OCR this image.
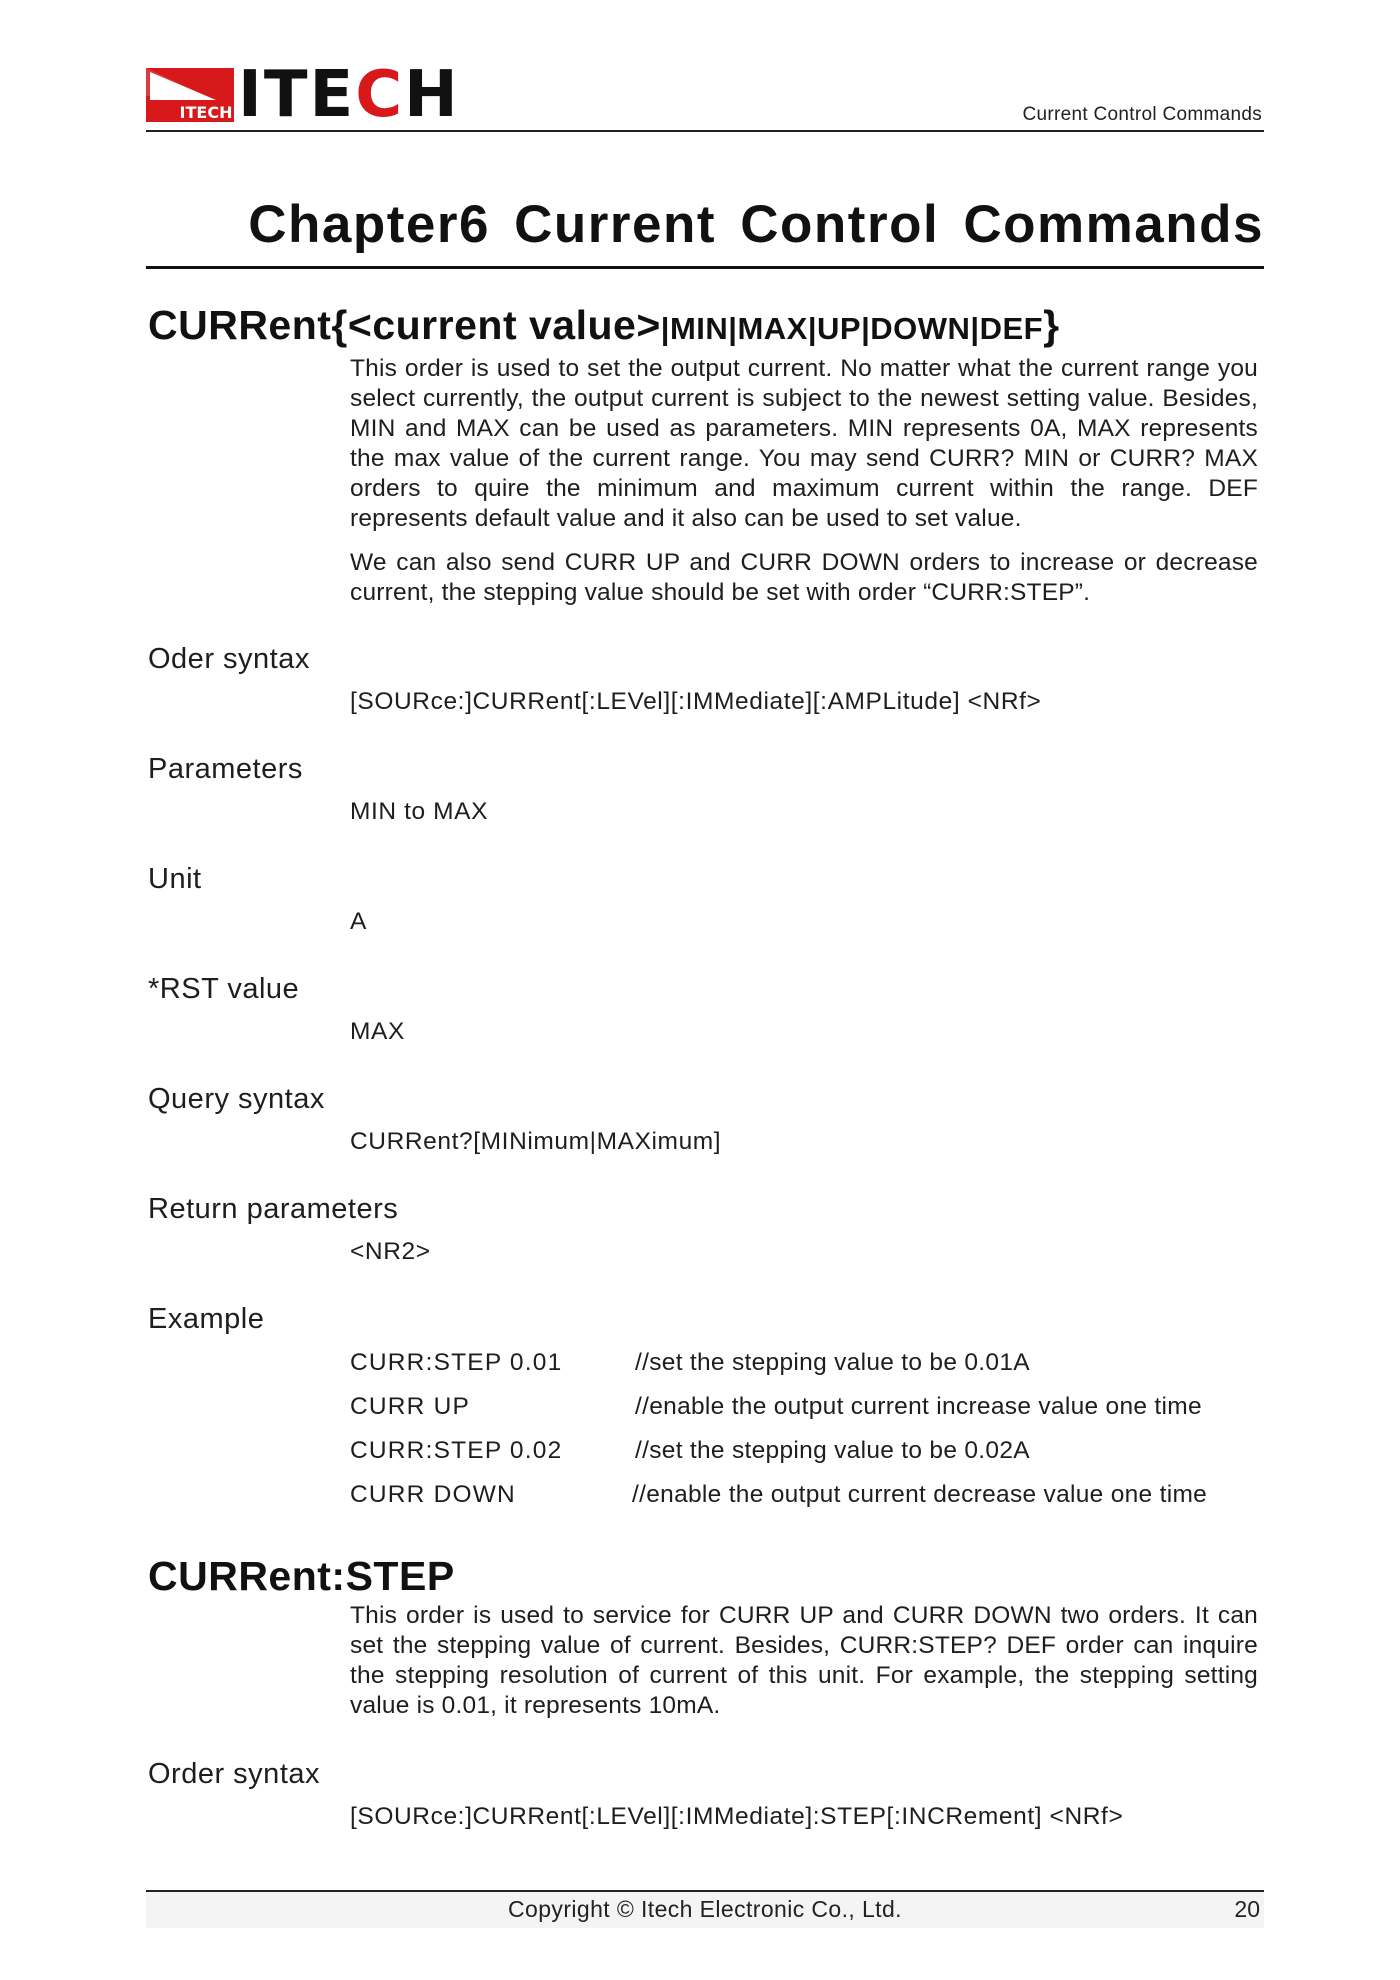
ITECH ITECH	Current Control Commands
Chapter6 Current Control Commands
CURRent{<current value>|MIN|MAX|UP|DOWN|DEF}
This order is used to set the output current. No matter what the current range you select currently, the output current is subject to the newest setting value. Besides, MIN and MAX can be used as parameters. MIN represents 0A, MAX represents the max value of the current range. You may send CURR? MIN or CURR? MAX orders to quire the minimum and maximum current within the range. DEF represents default value and it also can be used to set value.
We can also send CURR UP and CURR DOWN orders to increase or decrease current, the stepping value should be set with order “CURR:STEP”.
Oder syntax
[SOURce:]CURRent[:LEVel][:IMMediate][:AMPLitude] <NRf>
Parameters
MIN to MAX
Unit
A
*RST value
MAX
Query syntax
CURRent?[MINimum|MAXimum]
Return parameters
<NR2>
Example
CURR:STEP 0.01	//set the stepping value to be 0.01A
CURR UP	//enable the output current increase value one time
CURR:STEP 0.02	//set the stepping value to be 0.02A
CURR DOWN	//enable the output current decrease value one time
CURRent:STEP
This order is used to service for CURR UP and CURR DOWN two orders. It can set the stepping value of current. Besides, CURR:STEP? DEF order can inquire the stepping resolution of current of this unit. For example, the stepping setting value is 0.01, it represents 10mA.
Order syntax
[SOURce:]CURRent[:LEVel][:IMMediate]:STEP[:INCRement] <NRf>
Copyright © Itech Electronic Co., Ltd.	20
